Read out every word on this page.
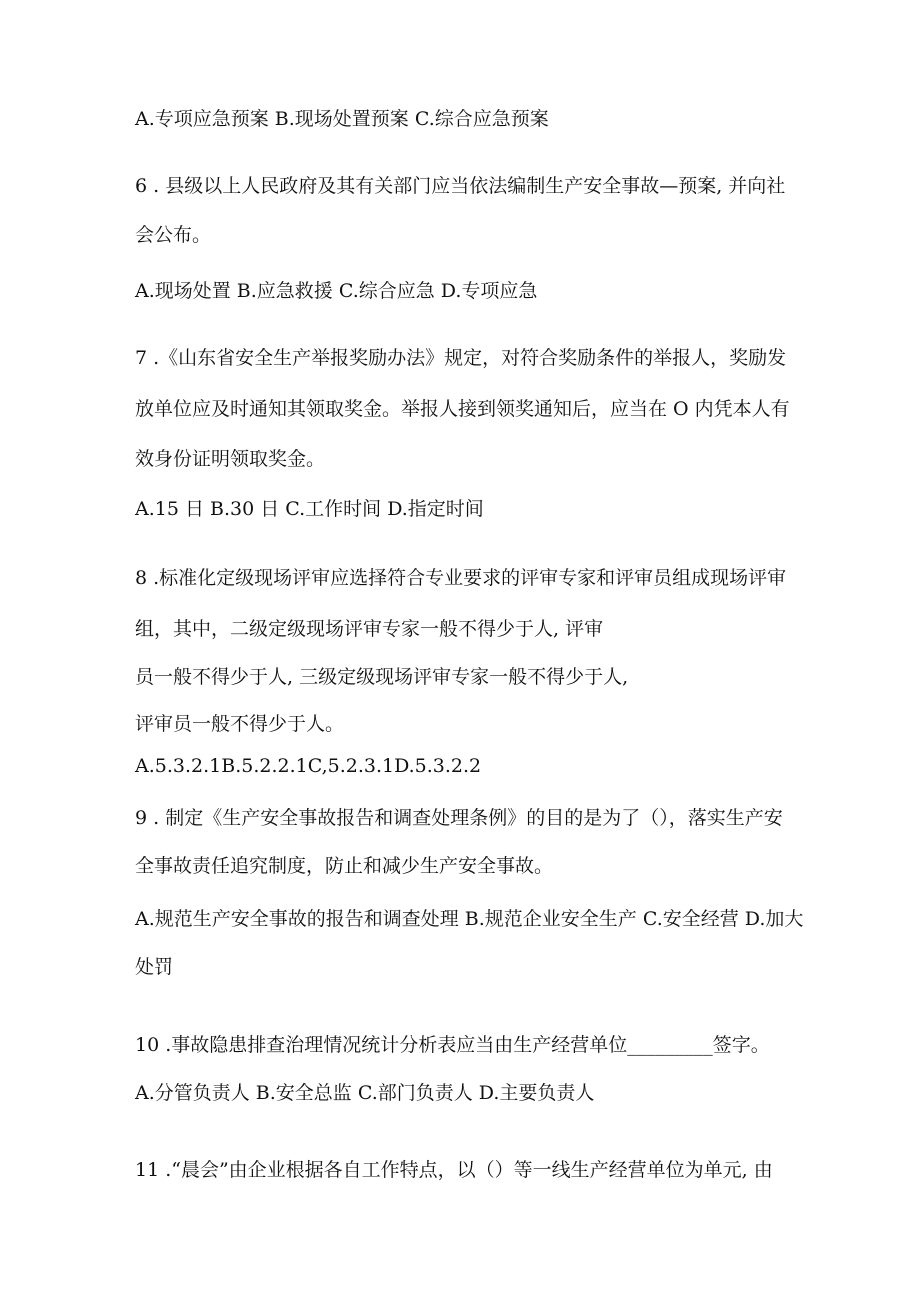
A.专项应急预案 B.现场处置预案 C.综合应急预案
6 . 县级以上人民政府及其有关部门应当依法编制生产安全事故—预案, 并向社
会公布。
A.现场处置 B.应急救援 C.综合应急 D.专项应急
7 .《山东省安全生产举报奖励办法》规定，对符合奖励条件的举报人，奖励发
放单位应及时通知其领取奖金。举报人接到领奖通知后，应当在 O 内凭本人有
效身份证明领取奖金。
A.15 日 B.30 日 C.工作时间 D.指定时间
8 .标准化定级现场评审应选择符合专业要求的评审专家和评审员组成现场评审
组，其中，二级定级现场评审专家一般不得少于人, 评审
员一般不得少于人, 三级定级现场评审专家一般不得少于人,
评审员一般不得少于人。
A.5.3.2.1B.5.2.2.1C,5.2.3.1D.5.3.2.2
9 . 制定《生产安全事故报告和调查处理条例》的目的是为了（），落实生产安
全事故责任追究制度，防止和减少生产安全事故。
A.规范生产安全事故的报告和调查处理 B.规范企业安全生产 C.安全经营 D.加大
处罚
10 .事故隐患排查治理情况统计分析表应当由生产经营单位_________签字。
A.分管负责人 B.安全总监 C.部门负责人 D.主要负责人
11 .“晨会”由企业根据各自工作特点，以（）等一线生产经营单位为单元, 由
